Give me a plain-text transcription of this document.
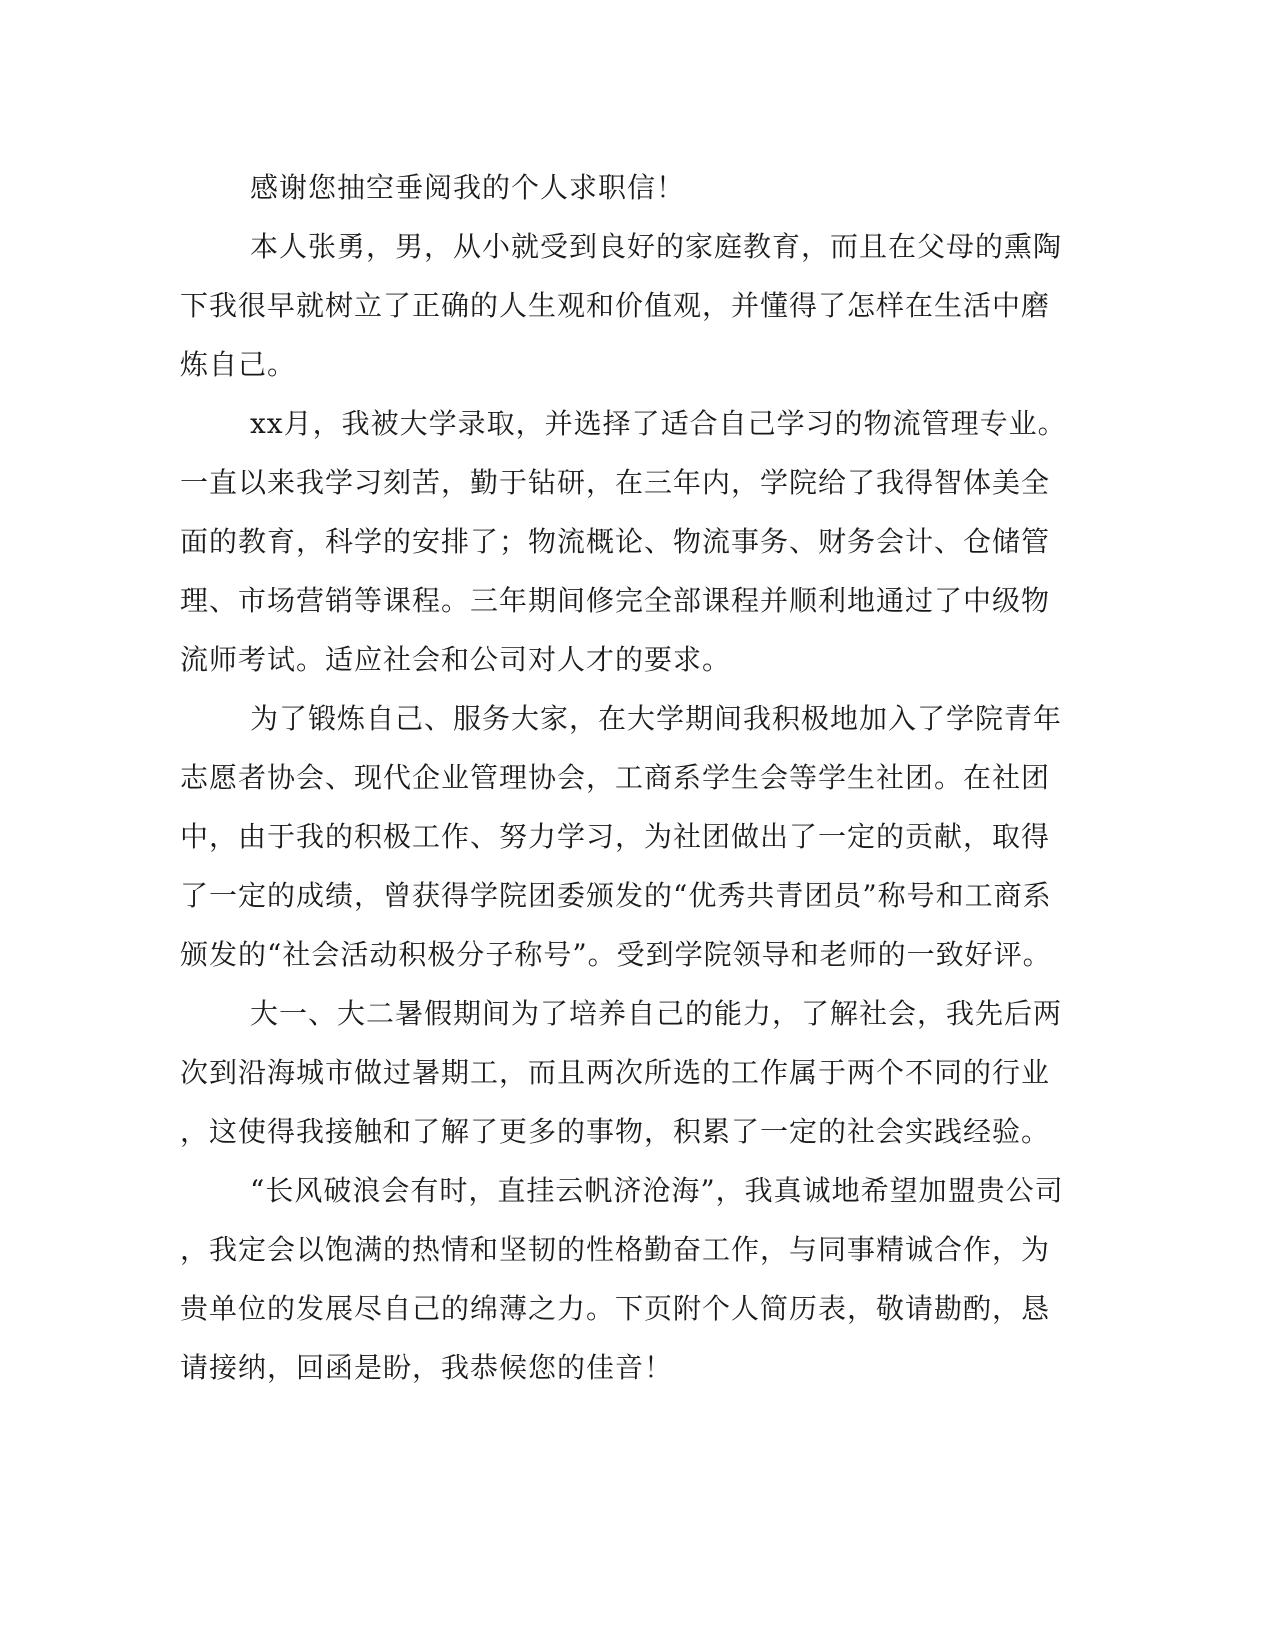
感谢您抽空垂阅我的个人求职信！
本人张勇，男，从小就受到良好的家庭教育，而且在父母的熏陶
下我很早就树立了正确的人生观和价值观，并懂得了怎样在生活中磨
炼自己。
xx月，我被大学录取，并选择了适合自己学习的物流管理专业。
一直以来我学习刻苦，勤于钻研，在三年内，学院给了我得智体美全
面的教育，科学的安排了；物流概论、物流事务、财务会计、仓储管
理、市场营销等课程。三年期间修完全部课程并顺利地通过了中级物
流师考试。适应社会和公司对人才的要求。
为了锻炼自己、服务大家，在大学期间我积极地加入了学院青年
志愿者协会、现代企业管理协会，工商系学生会等学生社团。在社团
中，由于我的积极工作、努力学习，为社团做出了一定的贡献，取得
了一定的成绩，曾获得学院团委颁发的“优秀共青团员”称号和工商系
颁发的“社会活动积极分子称号”。受到学院领导和老师的一致好评。
大一、大二暑假期间为了培养自己的能力，了解社会，我先后两
次到沿海城市做过暑期工，而且两次所选的工作属于两个不同的行业
，这使得我接触和了解了更多的事物，积累了一定的社会实践经验。
“长风破浪会有时，直挂云帆济沧海”，我真诚地希望加盟贵公司
，我定会以饱满的热情和坚韧的性格勤奋工作，与同事精诚合作，为
贵单位的发展尽自己的绵薄之力。下页附个人简历表，敬请勘酌，恳
请接纳，回函是盼，我恭候您的佳音！
